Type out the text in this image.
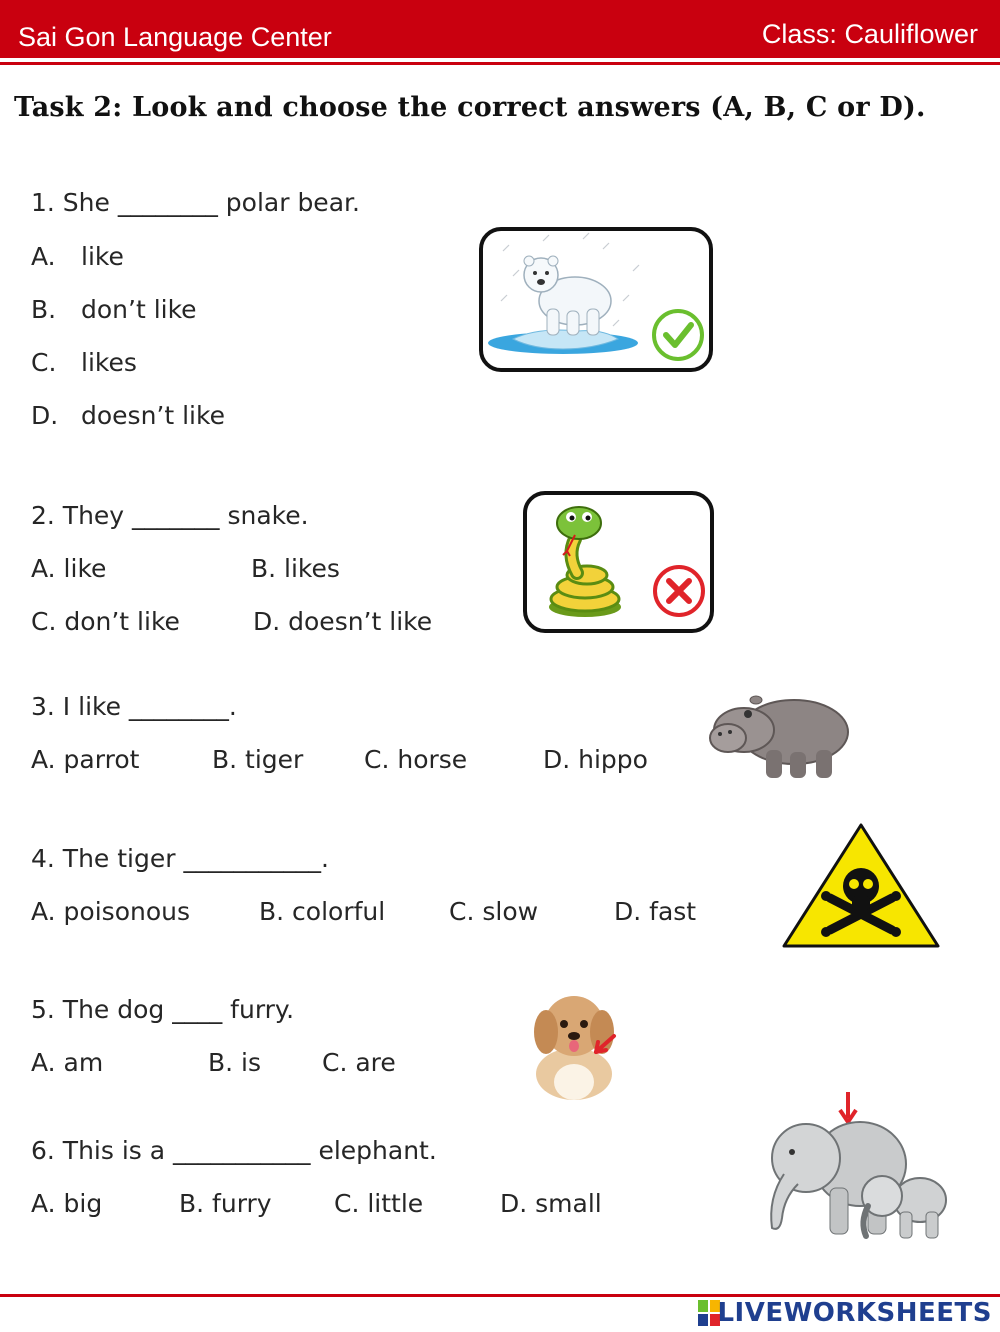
Sai Gon Language Center	Class: Cauliflower
Task 2: Look and choose the correct answers (A, B, C or D).
1. She ________ polar bear.
A. like
B. don’t like
C. likes
D. doesn’t like
2. They _______ snake.
A. like	B. likes
C. don’t like	D. doesn’t like
3. I like ________.
A. parrot	B. tiger C. horse	D. hippo
4. The tiger ___________.
A. poisonous	B. colorful	C. slow	D. fast
5. The dog ____ furry.
A. am	B. is C. are
6. This is a ___________ elephant.
A. big	B. furry C. little	D. small
LIVEWORKSHEETS
